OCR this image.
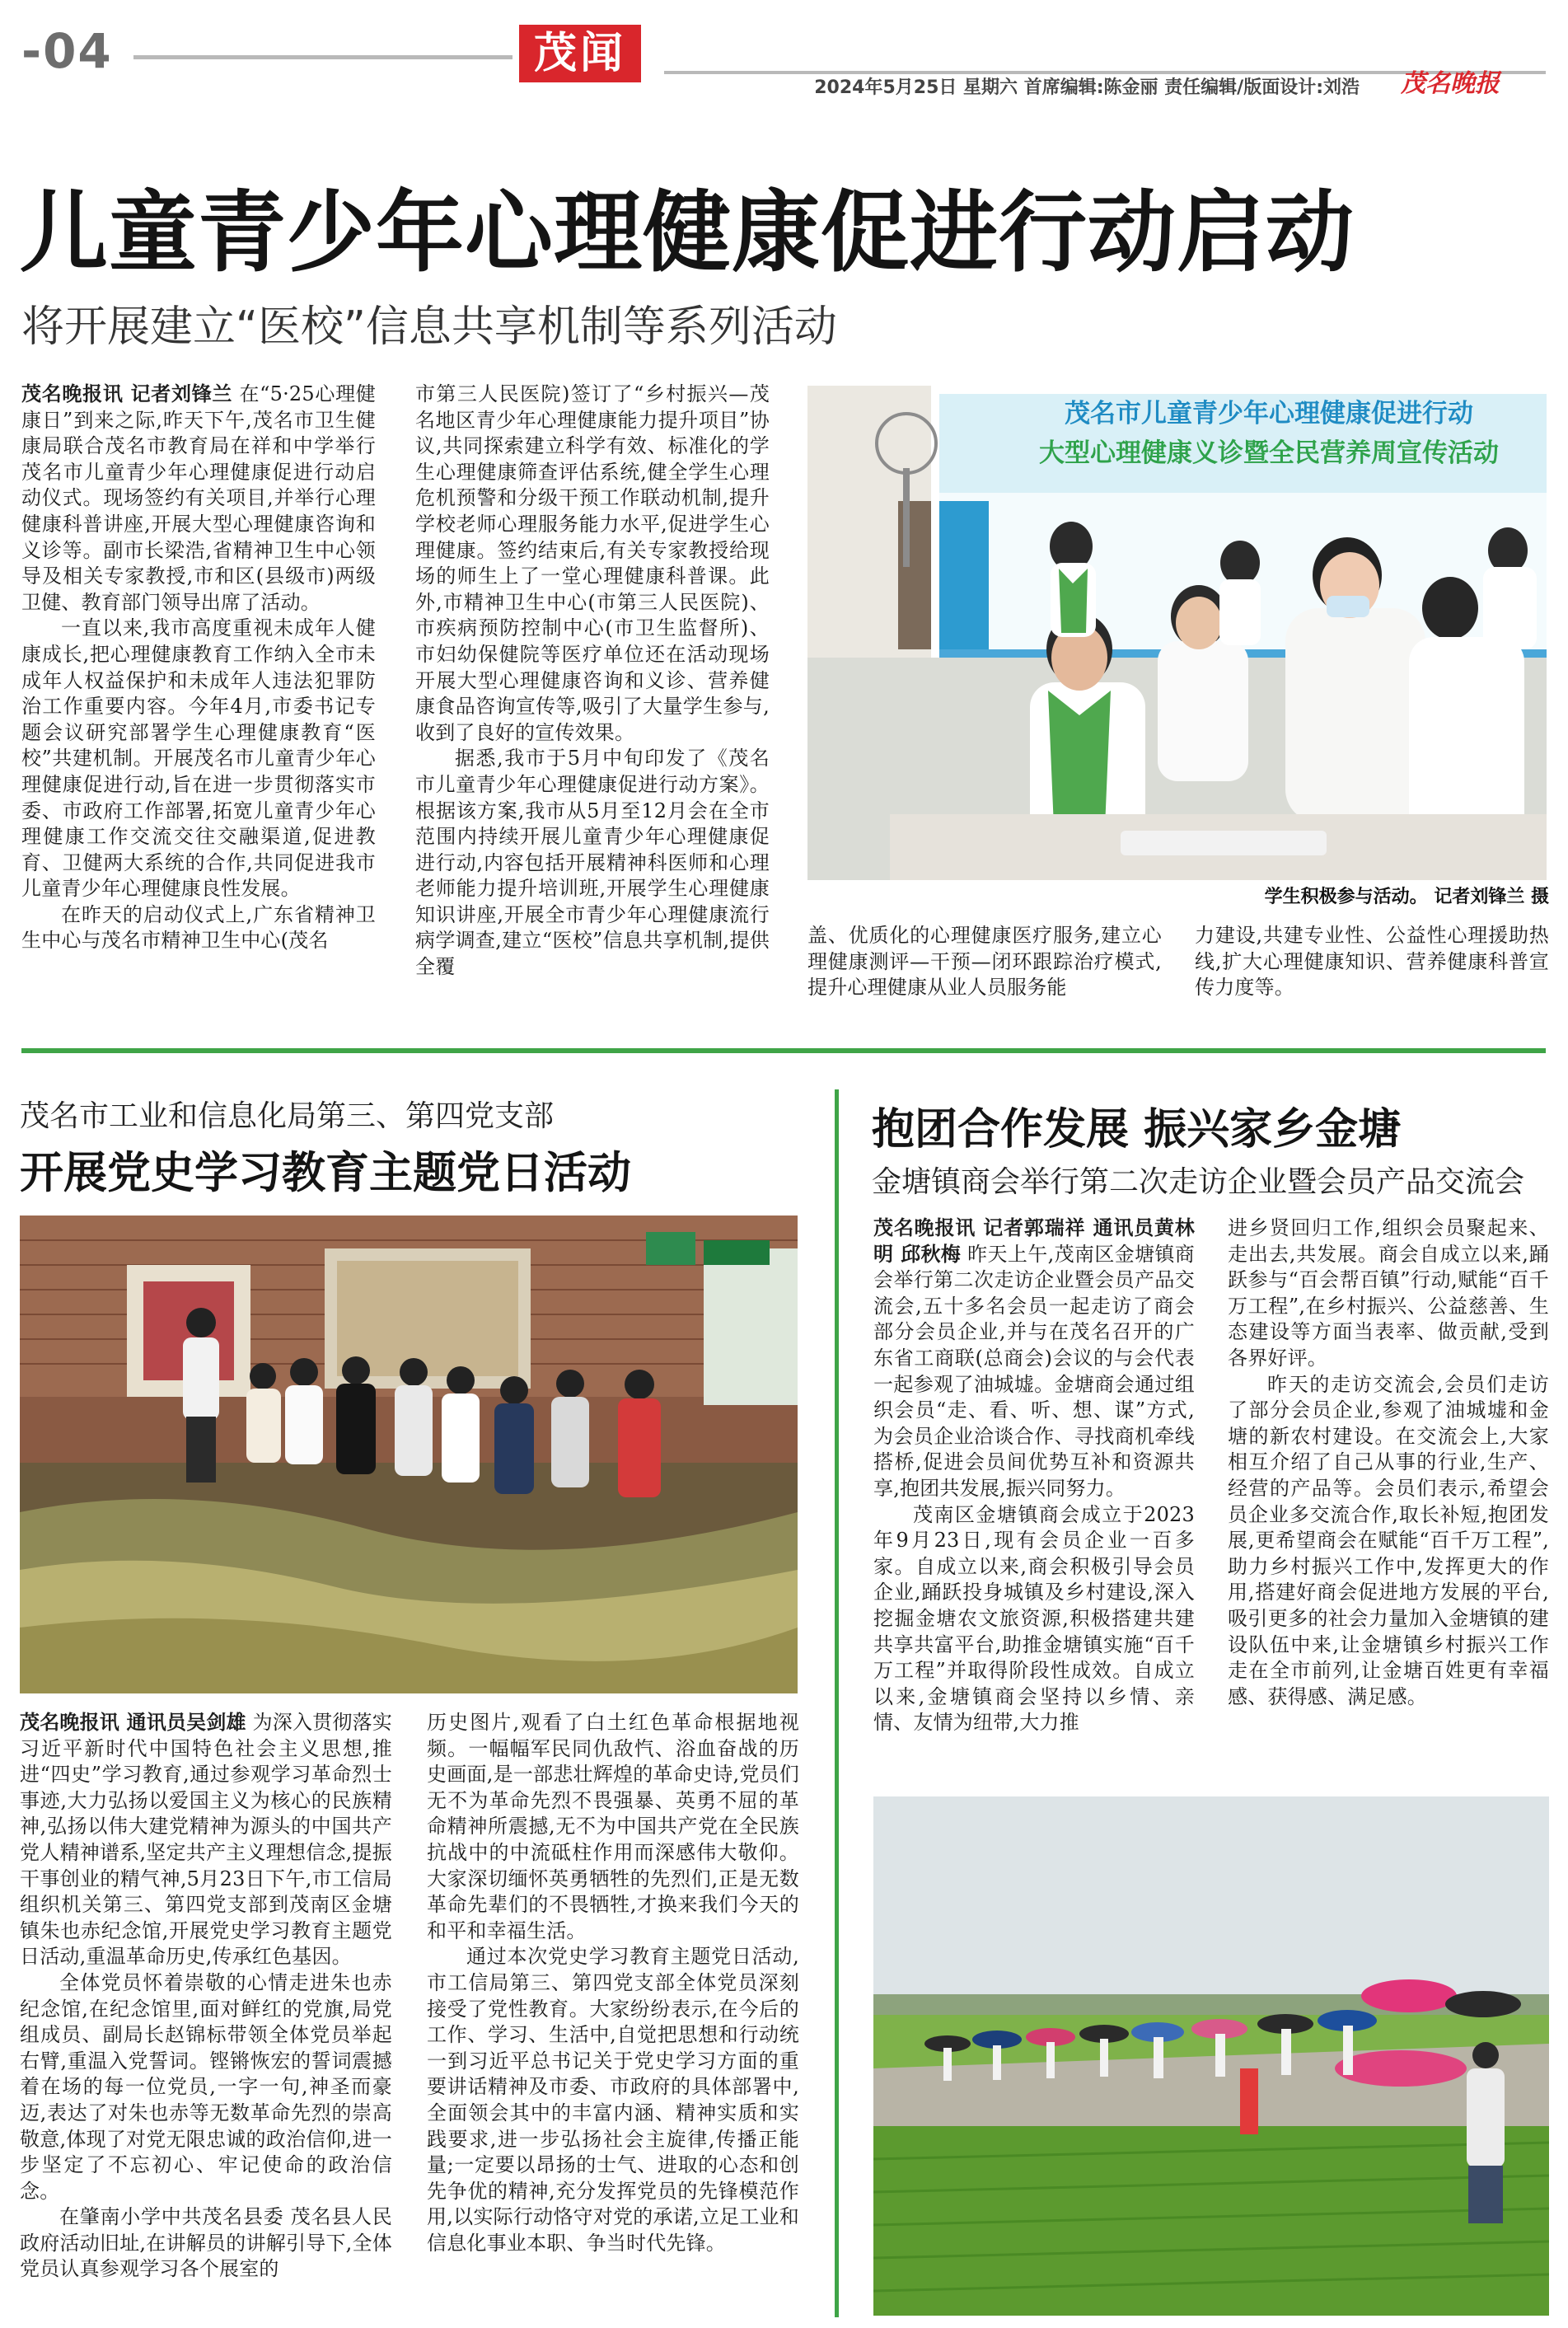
-04	茂闻
2024年5月25日 星期六 首席编辑:陈金丽 责任编辑/版面设计:刘浩	茂名晚报
儿童青少年心理健康促进行动启动
将开展建立“医校”信息共享机制等系列活动

茂名晚报讯 记者刘锋兰 在“5·25心理健康日”到来之际,昨天下午,茂名市卫生健康局联合茂名市教育局在祥和中学举行茂名市儿童青少年心理健康促进行动启动仪式。现场签约有关项目,并举行心理健康科普讲座,开展大型心理健康咨询和义诊等。副市长梁浩,省精神卫生中心领导及相关专家教授,市和区(县级市)两级卫健、教育部门领导出席了活动。

一直以来,我市高度重视未成年人健康成长,把心理健康教育工作纳入全市未成年人权益保护和未成年人违法犯罪防治工作重要内容。今年4月,市委书记专题会议研究部署学生心理健康教育“医校”共建机制。开展茂名市儿童青少年心理健康促进行动,旨在进一步贯彻落实市委、市政府工作部署,拓宽儿童青少年心理健康工作交流交往交融渠道,促进教育、卫健两大系统的合作,共同促进我市儿童青少年心理健康良性发展。

在昨天的启动仪式上,广东省精神卫生中心与茂名市精神卫生中心(茂名

市第三人民医院)签订了“乡村振兴—茂名地区青少年心理健康能力提升项目”协议,共同探索建立科学有效、标准化的学生心理健康筛查评估系统,健全学生心理危机预警和分级干预工作联动机制,提升学校老师心理服务能力水平,促进学生心理健康。签约结束后,有关专家教授给现场的师生上了一堂心理健康科普课。此外,市精神卫生中心(市第三人民医院)、市疾病预防控制中心(市卫生监督所)、市妇幼保健院等医疗单位还在活动现场开展大型心理健康咨询和义诊、营养健康食品咨询宣传等,吸引了大量学生参与,收到了良好的宣传效果。

据悉,我市于5月中旬印发了《茂名市儿童青少年心理健康促进行动方案》。根据该方案,我市从5月至12月会在全市范围内持续开展儿童青少年心理健康促进行动,内容包括开展精神科医师和心理老师能力提升培训班,开展学生心理健康知识讲座,开展全市青少年心理健康流行病学调查,建立“医校”信息共享机制,提供全覆

茂名市儿童青少年心理健康促进行动
大型心理健康义诊暨全民营养周宣传活动
学生积极参与活动。 记者刘锋兰 摄

盖、优质化的心理健康医疗服务,建立心理健康测评—干预—闭环跟踪治疗模式,提升心理健康从业人员服务能

力建设,共建专业性、公益性心理援助热线,扩大心理健康知识、营养健康科普宣传力度等。

茂名市工业和信息化局第三、第四党支部
开展党史学习教育主题党日活动

茂名晚报讯 通讯员吴剑雄 为深入贯彻落实习近平新时代中国特色社会主义思想,推进“四史”学习教育,通过参观学习革命烈士事迹,大力弘扬以爱国主义为核心的民族精神,弘扬以伟大建党精神为源头的中国共产党人精神谱系,坚定共产主义理想信念,提振干事创业的精气神,5月23日下午,市工信局组织机关第三、第四党支部到茂南区金塘镇朱也赤纪念馆,开展党史学习教育主题党日活动,重温革命历史,传承红色基因。

全体党员怀着崇敬的心情走进朱也赤纪念馆,在纪念馆里,面对鲜红的党旗,局党组成员、副局长赵锦标带领全体党员举起右臂,重温入党誓词。铿锵恢宏的誓词震撼着在场的每一位党员,一字一句,神圣而豪迈,表达了对朱也赤等无数革命先烈的崇高敬意,体现了对党无限忠诚的政治信仰,进一步坚定了不忘初心、牢记使命的政治信念。

在肇南小学中共茂名县委 茂名县人民政府活动旧址,在讲解员的讲解引导下,全体党员认真参观学习各个展室的

历史图片,观看了白土红色革命根据地视频。一幅幅军民同仇敌忾、浴血奋战的历史画面,是一部悲壮辉煌的革命史诗,党员们无不为革命先烈不畏强暴、英勇不屈的革命精神所震撼,无不为中国共产党在全民族抗战中的中流砥柱作用而深感伟大敬仰。大家深切缅怀英勇牺牲的先烈们,正是无数革命先辈们的不畏牺牲,才换来我们今天的和平和幸福生活。

通过本次党史学习教育主题党日活动,市工信局第三、第四党支部全体党员深刻接受了党性教育。大家纷纷表示,在今后的工作、学习、生活中,自觉把思想和行动统一到习近平总书记关于党史学习方面的重要讲话精神及市委、市政府的具体部署中,全面领会其中的丰富内涵、精神实质和实践要求,进一步弘扬社会主旋律,传播正能量;一定要以昂扬的士气、进取的心态和创先争优的精神,充分发挥党员的先锋模范作用,以实际行动恪守对党的承诺,立足工业和信息化事业本职、争当时代先锋。

抱团合作发展 振兴家乡金塘
金塘镇商会举行第二次走访企业暨会员产品交流会

茂名晚报讯 记者郭瑞祥 通讯员黄林明 邱秋梅 昨天上午,茂南区金塘镇商会举行第二次走访企业暨会员产品交流会,五十多名会员一起走访了商会部分会员企业,并与在茂名召开的广东省工商联(总商会)会议的与会代表一起参观了油城墟。金塘商会通过组织会员“走、看、听、想、谋”方式,为会员企业洽谈合作、寻找商机牵线搭桥,促进会员间优势互补和资源共享,抱团共发展,振兴同努力。

茂南区金塘镇商会成立于2023年9月23日,现有会员企业一百多家。自成立以来,商会积极引导会员企业,踊跃投身城镇及乡村建设,深入挖掘金塘农文旅资源,积极搭建共建共享共富平台,助推金塘镇实施“百千万工程”并取得阶段性成效。自成立以来,金塘镇商会坚持以乡情、亲情、友情为纽带,大力推

进乡贤回归工作,组织会员聚起来、走出去,共发展。商会自成立以来,踊跃参与“百会帮百镇”行动,赋能“百千万工程”,在乡村振兴、公益慈善、生态建设等方面当表率、做贡献,受到各界好评。

昨天的走访交流会,会员们走访了部分会员企业,参观了油城墟和金塘的新农村建设。在交流会上,大家相互介绍了自己从事的行业,生产、经营的产品等。会员们表示,希望会员企业多交流合作,取长补短,抱团发展,更希望商会在赋能“百千万工程”,助力乡村振兴工作中,发挥更大的作用,搭建好商会促进地方发展的平台,吸引更多的社会力量加入金塘镇的建设队伍中来,让金塘镇乡村振兴工作走在全市前列,让金塘百姓更有幸福感、获得感、满足感。
